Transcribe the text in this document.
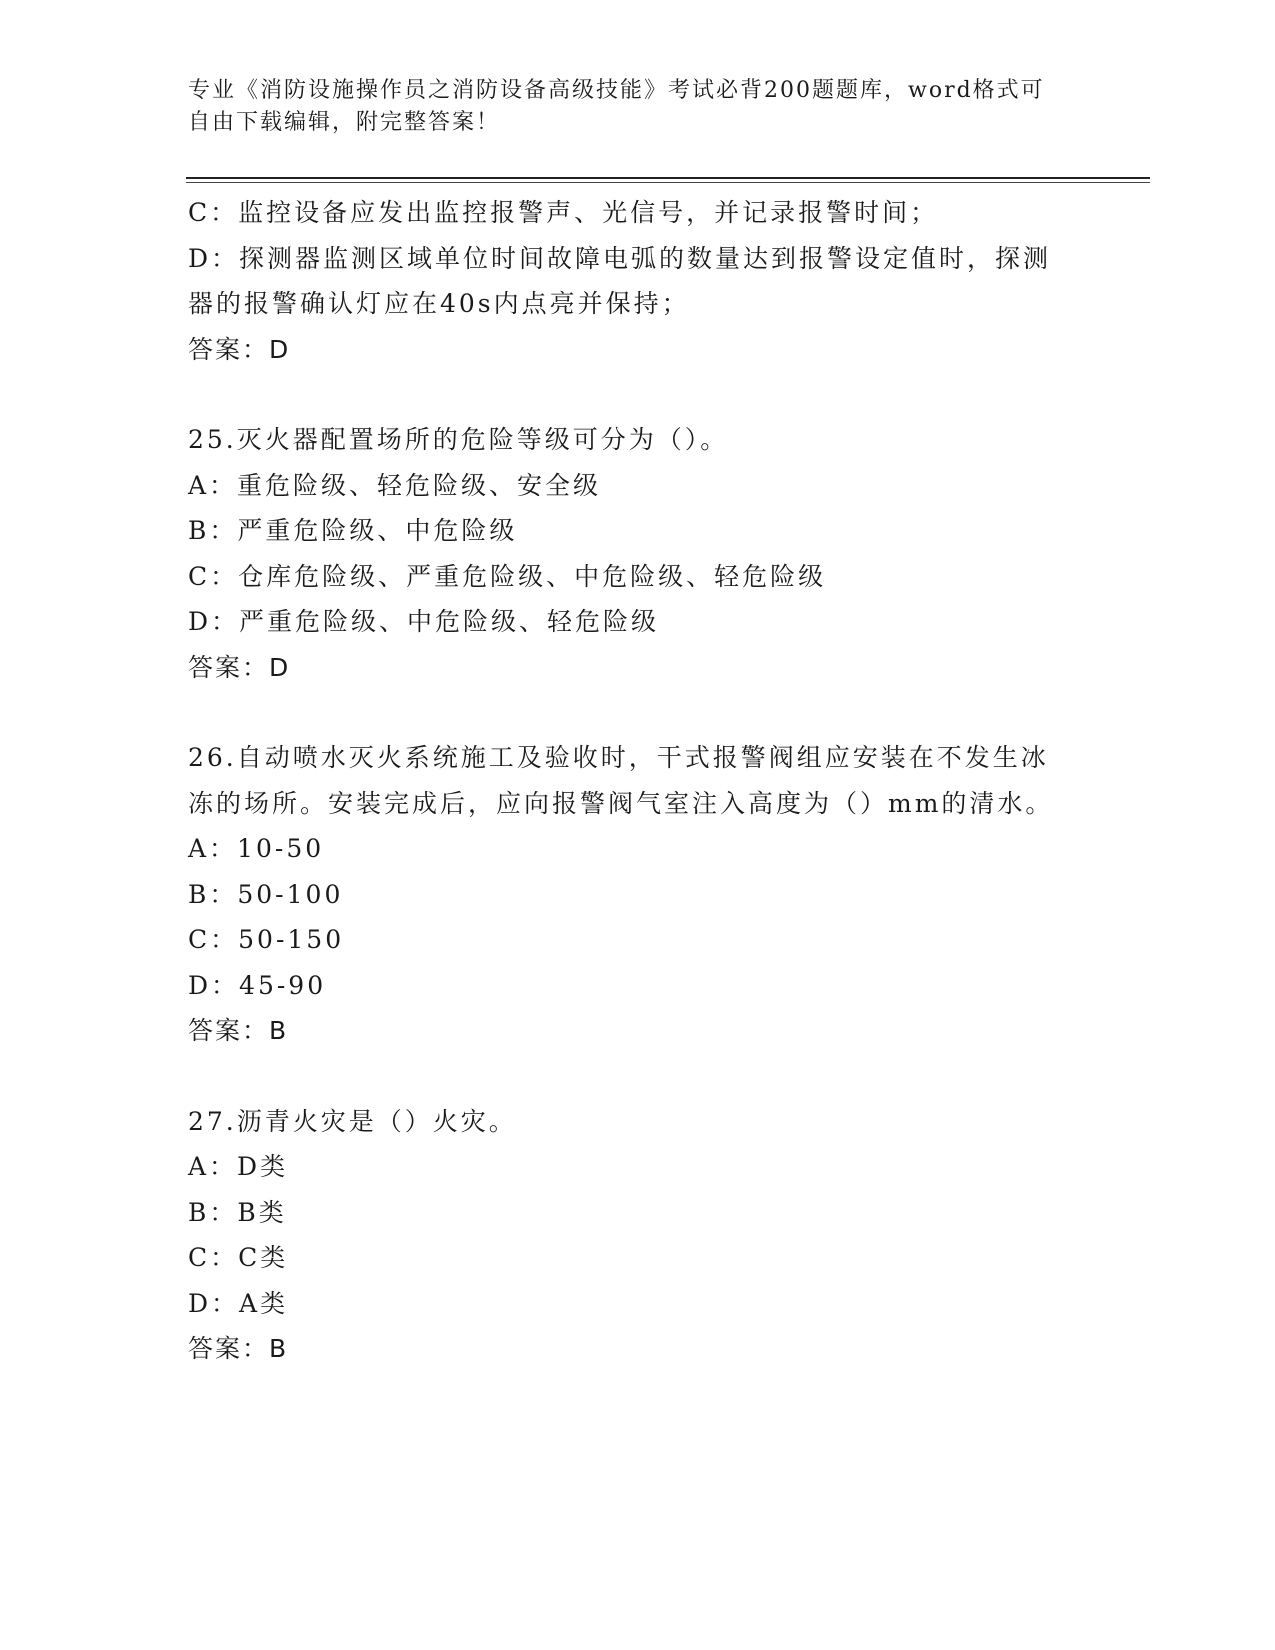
专业《消防设施操作员之消防设备高级技能》考试必背200题题库，word格式可
自由下载编辑，附完整答案！
C：监控设备应发出监控报警声、光信号，并记录报警时间；
D：探测器监测区域单位时间故障电弧的数量达到报警设定值时，探测
器的报警确认灯应在40s内点亮并保持；
答案：D
25.灭火器配置场所的危险等级可分为（）。
A：重危险级、轻危险级、安全级
B：严重危险级、中危险级
C：仓库危险级、严重危险级、中危险级、轻危险级
D：严重危险级、中危险级、轻危险级
答案：D
26.自动喷水灭火系统施工及验收时，干式报警阀组应安装在不发生冰
冻的场所。安装完成后，应向报警阀气室注入高度为（）mm的清水。
A：10-50
B：50-100
C：50-150
D：45-90
答案：B
27.沥青火灾是（）火灾。
A：D类
B：B类
C：C类
D：A类
答案：B
